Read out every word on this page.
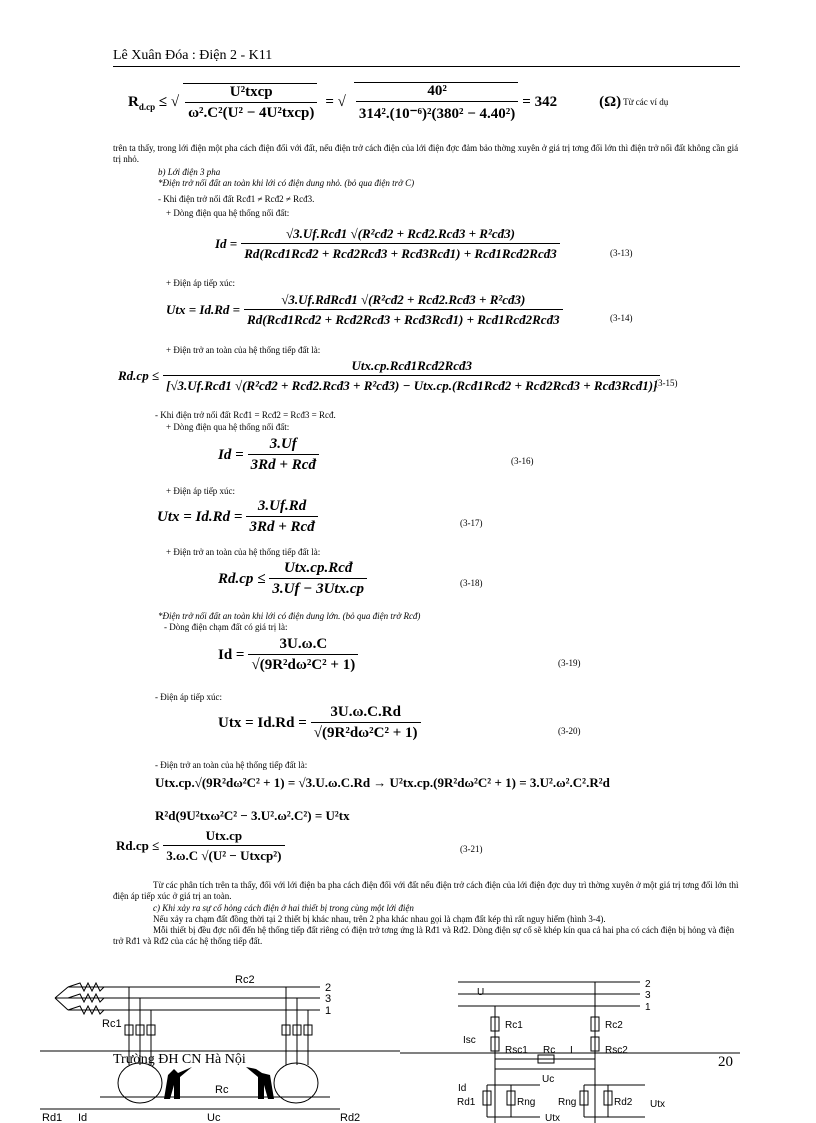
Lê Xuân Đóa : Điện 2 - K11
$R_{d.cp}$ ≤ √ $\frac{\text{U²txcp}}{\text{ω².C²(U² − 4U²txcp)}}$ = √ $\frac{\text{40²}}{\text{314².(10⁻⁶)²(380² − 4.40²)}} = 342$	(Ω) Từ các ví dụ
trên ta thấy, trong lới điện một pha cách điện đối với đất, nếu điện trở cách điện của lới điện đợc đảm bảo thờng xuyên ở giá trị tơng đối lớn thì điện trở nối đất không cần giá trị nhỏ.
b) Lới điện 3 pha
*Điện trở nối đất an toàn khi lới có điện dung nhỏ. (bỏ qua điện trở C)
- Khi điện trở nối đất Rcđ1 ≠ Rcđ2 ≠ Rcđ3.
+ Dòng điện qua hệ thống nối đất:
$Id = \frac{\text{√3.Uf.Rcđ1 √(R²cđ2 + Rcđ2.Rcđ3 + R²cđ3)}}{\text{Rd(Rcđ1Rcđ2 + Rcđ2Rcđ3 + Rcđ3Rcđ1) + Rcđ1Rcđ2Rcđ3}}$	(3-13)
+ Điện áp tiếp xúc:
Utx = $Id.Rd = \frac{\text{√3.Uf.RdRcđ1 √(R²cđ2 + Rcđ2.Rcđ3 + R²cđ3)}}{\text{Rd(Rcđ1Rcđ2 + Rcđ2Rcđ3 + Rcđ3Rcđ1) + Rcđ1Rcđ2Rcđ3}}$	(3-14)
+ Điện trở an toàn của hệ thống tiếp đất là:
Rd.cp ≤
Utx.cp.Rcđ1Rcđ2Rcđ3
[√3.Uf.Rcđ1 √(R²cđ2 + Rcđ2.Rcđ3 + R²cđ3) − Utx.cp.(Rcđ1Rcđ2 + Rcđ2Rcđ3 + Rcđ3Rcđ1)]
(3-15)
- Khi điện trở nối đất Rcđ1 = Rcđ2 = Rcđ3 = Rcđ.
+ Dòng điện qua hệ thống nối đất:
$Id = \frac{3.Uf}{\text{3Rd + Rcđ}}$	(3-16)
+ Điện áp tiếp xúc:
Utx = $Id.Rd = \frac{3.Uf.Rd}{\text{3Rd + Rcđ}}$	(3-17)
+ Điện trở an toàn của hệ thống tiếp đất là:
$Rd.cp \le \frac{\text{Utx.cp.Rcđ}}{\text{3.Uf − 3Utx.cp}}$	(3-18)
*Điện trở nối đất an toàn khi lới có điện dung lớn. (bỏ qua điện trở Rcđ)
- Dòng điện chạm đất có giá trị là:
$Id = \frac{3U.\omega.C}{\text{√(9R²dω²C² + 1)}}$	(3-19)
- Điện áp tiếp xúc:
Utx = $Id.Rd = \frac{3U.\omega.C.Rd}{\text{√(9R²dω²C² + 1)}}$	(3-20)
- Điện trở an toàn của hệ thống tiếp đất là:
Utx.cp.√(9R²dω²C² + 1) = √3.U.ω.C.Rd → U²tx.cp.(9R²dω²C² + 1) = 3.U².ω².C².R²d
R²d(9U²txω²C² − 3.U².ω².C²) = U²tx
$Rd.cp \le \frac{\text{Utx.cp}}{\text{3.ω.C √(U² − Utxcp²)}}$	(3-21)
Từ các phân tích trên ta thấy, đối với lới điện ba pha cách điện đối với đất nếu điện trở cách điện của lới điện đợc duy trì thờng xuyên ở một giá trị tơng đối lớn thì điện áp tiếp xúc ở giá trị an toàn.
c) Khi xảy ra sự cố hỏng cách điện ở hai thiết bị trong cùng một lới điện
Nếu xảy ra chạm đất đồng thời tại 2 thiết bị khác nhau, trên 2 pha khác nhau gọi là chạm đất kép thì rất nguy hiểm (hình 3-4).
Mỗi thiết bị đều đợc nối đến hệ thống tiếp đất riêng có điện trở tơng ứng là Rđ1 và Rđ2. Dòng điện sự cố sẽ khép kín qua cả hai pha có cách điện bị hỏng và điện trở Rđ1 và Rđ2 của các hệ thống tiếp đất.
Rc2
2
3
1
Rc1
Rc
Rd1 Id	Uc	Rd2
U
2
3
1
Rc1	Rc2
Isc
Rsc1 Rc I	Rsc2
Uc
Id
Rd1	Rng Rng	Rd2
Utx
Utx
Trường ĐH CN Hà Nội	20
